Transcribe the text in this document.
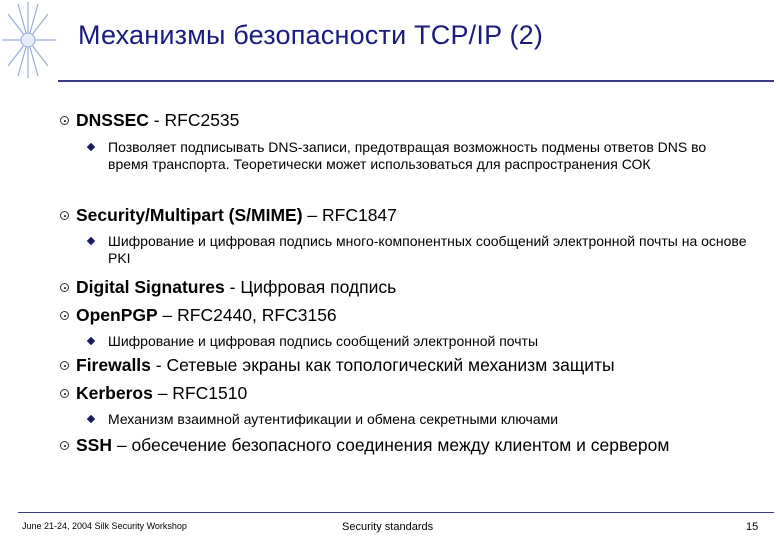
Механизмы безопасности TCP/IP (2)
DNSSEC - RFC2535
Позволяет подписывать DNS-записи, предотвращая возможность подмены ответов DNS во время транспорта. Теоретически может использоваться для распространения СОК
Security/Multipart (S/MIME) – RFC1847
Шифрование и цифровая подпись много-компонентных сообщений электронной почты на основе PKI
Digital Signatures - Цифровая подпись
OpenPGP – RFC2440, RFC3156
Шифрование и цифровая подпись сообщений электронной почты
Firewalls - Сетевые экраны как топологический механизм защиты
Kerberos – RFC1510
Механизм взаимной аутентификации и обмена секретными ключами
SSH – обесечение безопасного соединения между клиентом и сервером
June 21-24, 2004 Silk Security Workshop	Security standards	15
